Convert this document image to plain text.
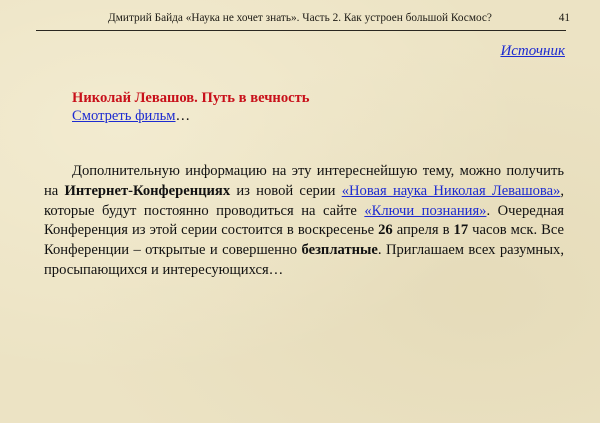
Дмитрий Байда «Наука не хочет знать». Часть 2. Как устроен большой Космос?	41
Источник
Николай Левашов. Путь в вечность
Смотреть фильм…

Дополнительную информацию на эту интереснейшую тему, можно получить на Интернет-Конференциях из новой серии «Новая наука Николая Левашова», которые будут постоянно проводиться на сайте «Ключи познания». Очередная Конференция из этой серии состоится в воскресенье 26 апреля в 17 часов мск. Все Конференции – открытые и совершенно безплатные. Приглашаем всех разумных, просыпающихся и интересующихся…
